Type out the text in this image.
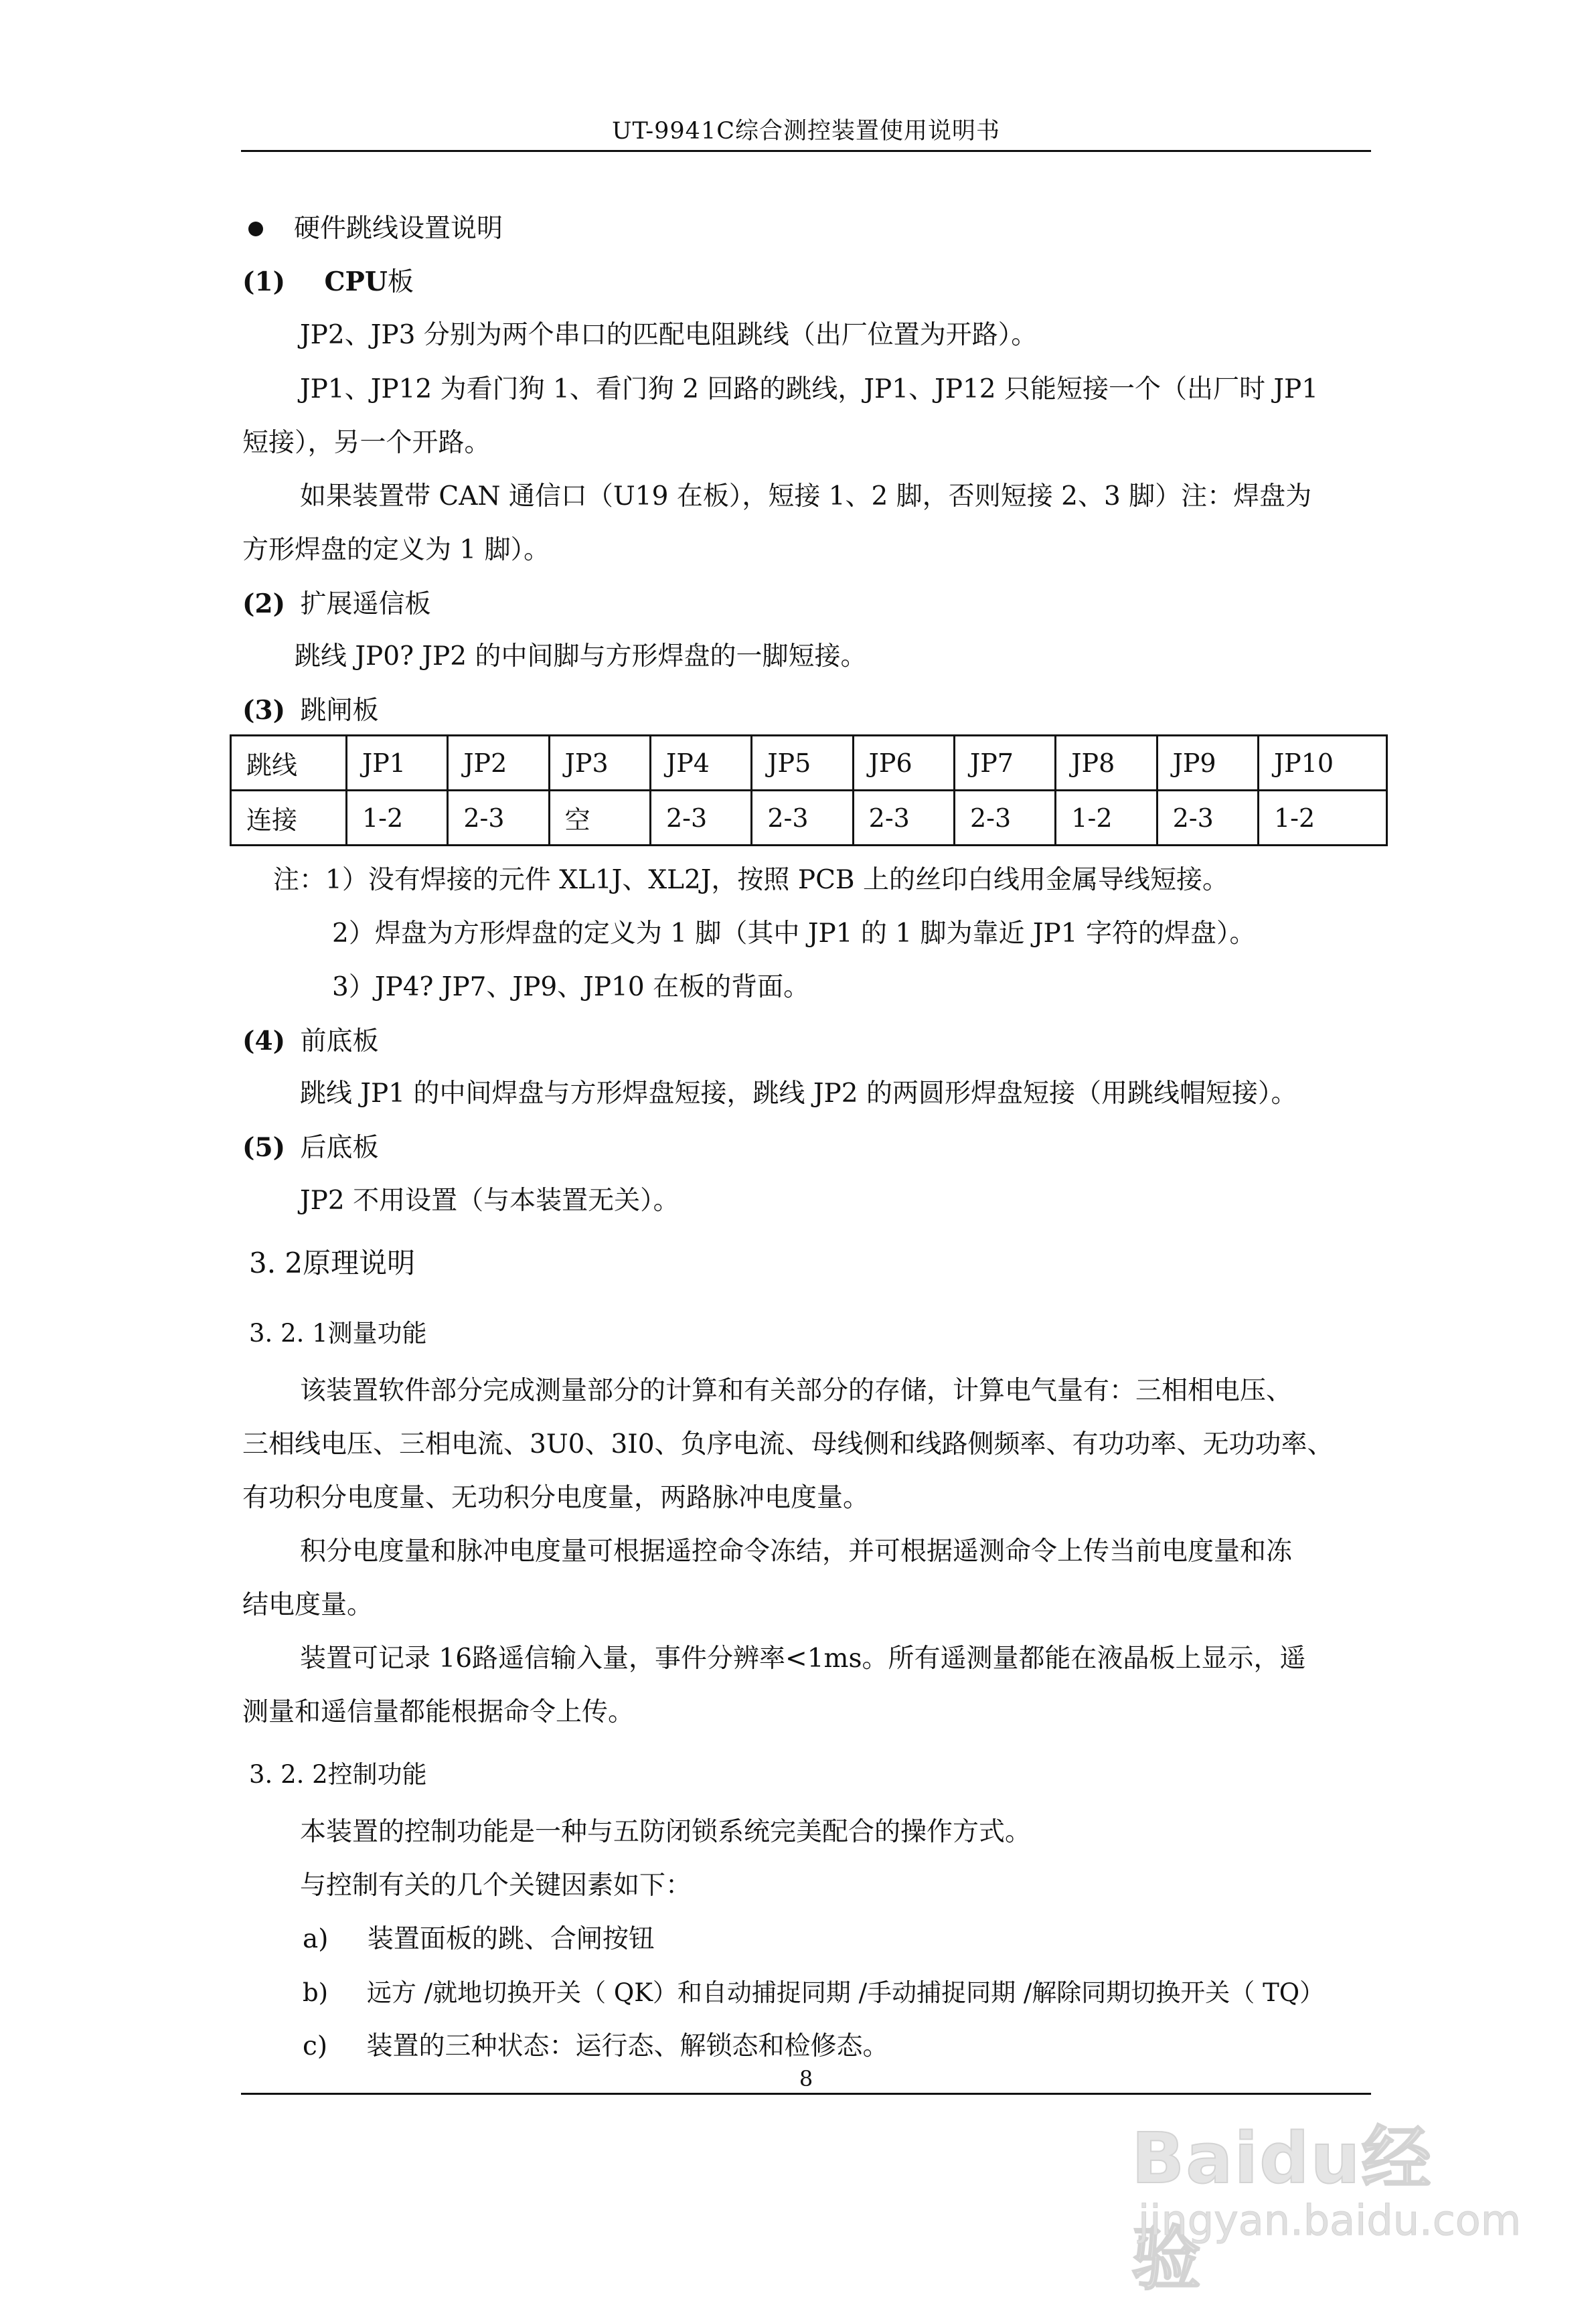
UT-9941C综合测控装置使用说明书
硬件跳线设置说明
(1) CPU板
JP2、JP3 分别为两个串口的匹配电阻跳线（出厂位置为开路）。
JP1、JP12 为看门狗 1、看门狗 2 回路的跳线，JP1、JP12 只能短接一个（出厂时 JP1
短接），另一个开路。
如果装置带 CAN 通信口（U19 在板），短接 1、2 脚，否则短接 2、3 脚）注：焊盘为
方形焊盘的定义为 1 脚）。
(2) 扩展遥信板
跳线 JP0? JP2 的中间脚与方形焊盘的一脚短接。
(3) 跳闸板
跳线	JP1	JP2	JP3	JP4	JP5	JP6	JP7	JP8	JP9	JP10
连接	1-2	2-3	空	2-3	2-3	2-3	2-3	1-2	2-3	1-2
注：1）没有焊接的元件 XL1J、XL2J，按照 PCB 上的丝印白线用金属导线短接。
2）焊盘为方形焊盘的定义为 1 脚（其中 JP1 的 1 脚为靠近 JP1 字符的焊盘）。
3）JP4? JP7、JP9、JP10 在板的背面。
(4) 前底板
跳线 JP1 的中间焊盘与方形焊盘短接，跳线 JP2 的两圆形焊盘短接（用跳线帽短接）。
(5) 后底板
JP2 不用设置（与本装置无关）。
3. 2原理说明
3. 2. 1测量功能
该装置软件部分完成测量部分的计算和有关部分的存储，计算电气量有：三相相电压、
三相线电压、三相电流、3U0、3I0、负序电流、母线侧和线路侧频率、有功功率、无功功率、
有功积分电度量、无功积分电度量，两路脉冲电度量。
积分电度量和脉冲电度量可根据遥控命令冻结，并可根据遥测命令上传当前电度量和冻
结电度量。
装置可记录 16路遥信输入量，事件分辨率<1ms。所有遥测量都能在液晶板上显示，遥
测量和遥信量都能根据命令上传。
3. 2. 2控制功能
本装置的控制功能是一种与五防闭锁系统完美配合的操作方式。
与控制有关的几个关键因素如下：
a) 装置面板的跳、合闸按钮
b) 远方 /就地切换开关（ QK）和自动捕捉同期 /手动捕捉同期 /解除同期切换开关（ TQ）
c) 装置的三种状态：运行态、解锁态和检修态。
8
Baidu经验
jingyan.baidu.com
